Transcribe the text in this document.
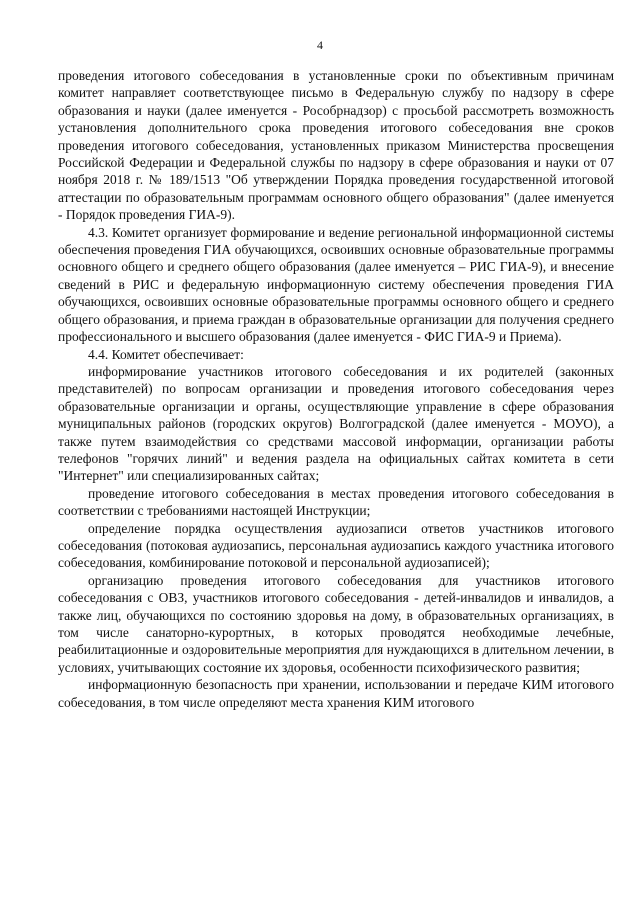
4

проведения итогового собеседования в установленные сроки по объективным причинам комитет направляет соответствующее письмо в Федеральную службу по надзору в сфере образования и науки (далее именуется - Рособрнадзор) с просьбой рассмотреть возможность установления дополнительного срока проведения итогового собеседования вне сроков проведения итогового собеседования, установленных приказом Министерства просвещения Российской Федерации и Федеральной службы по надзору в сфере образования и науки от 07 ноября 2018 г. № 189/1513 "Об утверждении Порядка проведения государственной итоговой аттестации по образовательным программам основного общего образования" (далее именуется - Порядок проведения ГИА-9).

4.3. Комитет организует формирование и ведение региональной информационной системы обеспечения проведения ГИА обучающихся, освоивших основные образовательные программы основного общего и среднего общего образования (далее именуется – РИС ГИА-9), и внесение сведений в РИС и федеральную информационную систему обеспечения проведения ГИА обучающихся, освоивших основные образовательные программы основного общего и среднего общего образования, и приема граждан в образовательные организации для получения среднего профессионального и высшего образования (далее именуется - ФИС ГИА-9 и Приема).

4.4. Комитет обеспечивает:

информирование участников итогового собеседования и их родителей (законных представителей) по вопросам организации и проведения итогового собеседования через образовательные организации и органы, осуществляющие управление в сфере образования муниципальных районов (городских округов) Волгоградской (далее именуется - МОУО), а также путем взаимодействия со средствами массовой информации, организации работы телефонов "горячих линий" и ведения раздела на официальных сайтах комитета в сети "Интернет" или специализированных сайтах;

проведение итогового собеседования в местах проведения итогового собеседования в соответствии с требованиями настоящей Инструкции;

определение порядка осуществления аудиозаписи ответов участников итогового собеседования (потоковая аудиозапись, персональная аудиозапись каждого участника итогового собеседования, комбинирование потоковой и персональной аудиозаписей);

организацию проведения итогового собеседования для участников итогового собеседования с ОВЗ, участников итогового собеседования - детей-инвалидов и инвалидов, а также лиц, обучающихся по состоянию здоровья на дому, в образовательных организациях, в том числе санаторно-курортных, в которых проводятся необходимые лечебные, реабилитационные и оздоровительные мероприятия для нуждающихся в длительном лечении, в условиях, учитывающих состояние их здоровья, особенности психофизического развития;

информационную безопасность при хранении, использовании и передаче КИМ итогового собеседования, в том числе определяют места хранения КИМ итогового
